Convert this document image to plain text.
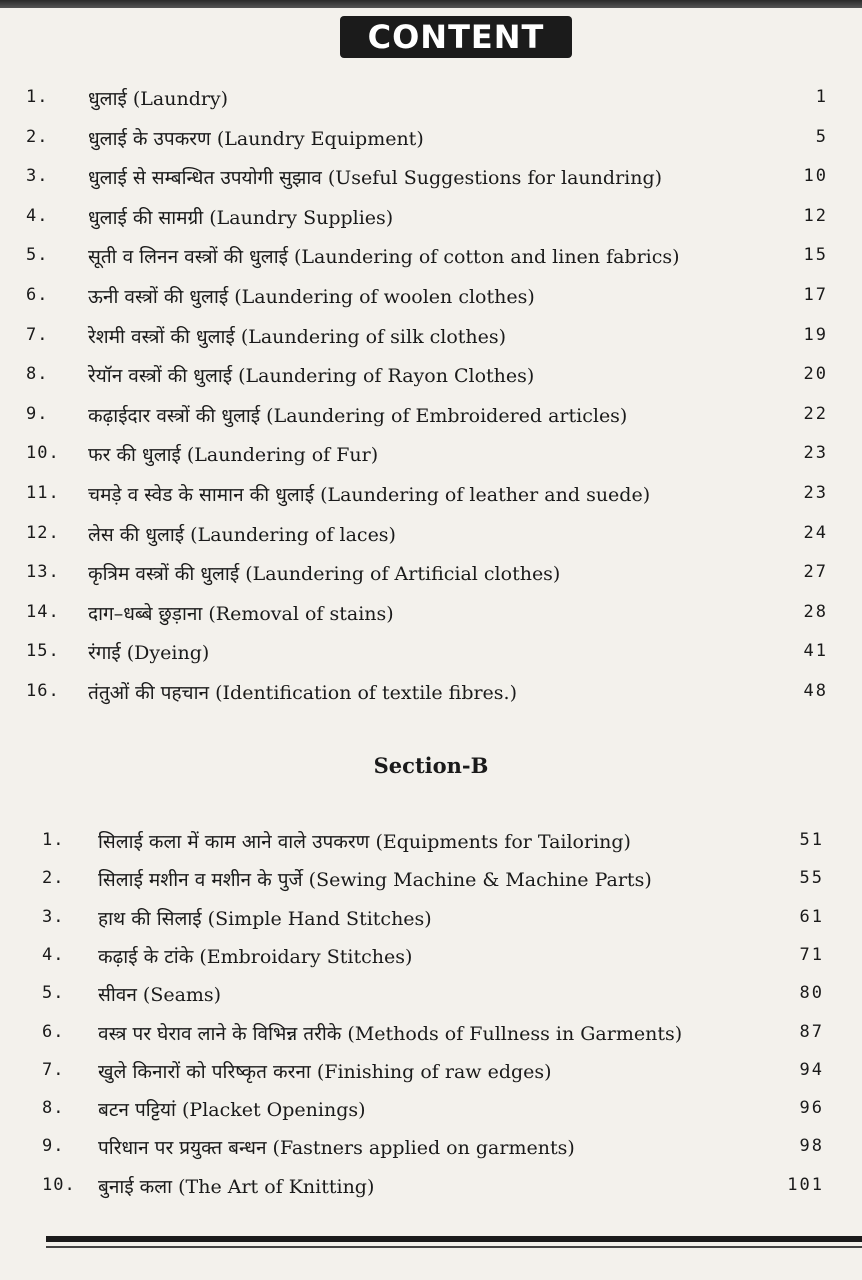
CONTENT
1. धुलाई (Laundry)	1
2. धुलाई के उपकरण (Laundry Equipment)	5
3. धुलाई से सम्बन्धित उपयोगी सुझाव (Useful Suggestions for laundring)	10
4. धुलाई की सामग्री (Laundry Supplies)	12
5. सूती व लिनन वस्त्रों की धुलाई (Laundering of cotton and linen fabrics)	15
6. ऊनी वस्त्रों की धुलाई (Laundering of woolen clothes)	17
7. रेशमी वस्त्रों की धुलाई (Laundering of silk clothes)	19
8. रेयॉन वस्त्रों की धुलाई (Laundering of Rayon Clothes)	20
9. कढ़ाईदार वस्त्रों की धुलाई (Laundering of Embroidered articles)	22
10. फर की धुलाई (Laundering of Fur)	23
11. चमड़े व स्वेड के सामान की धुलाई (Laundering of leather and suede)	23
12. लेस की धुलाई (Laundering of laces)	24
13. कृत्रिम वस्त्रों की धुलाई (Laundering of Artificial clothes)	27
14. दाग–धब्बे छुड़ाना (Removal of stains)	28
15. रंगाई (Dyeing)	41
16. तंतुओं की पहचान (Identification of textile fibres.)	48
Section-B
1. सिलाई कला में काम आने वाले उपकरण (Equipments for Tailoring)	51
2. सिलाई मशीन व मशीन के पुर्जे (Sewing Machine & Machine Parts)	55
3. हाथ की सिलाई (Simple Hand Stitches)	61
4. कढ़ाई के टांके (Embroidary Stitches)	71
5. सीवन (Seams)	80
6. वस्त्र पर घेराव लाने के विभिन्न तरीके (Methods of Fullness in Garments)	87
7. खुले किनारों को परिष्कृत करना (Finishing of raw edges)	94
8. बटन पट्टियां (Placket Openings)	96
9. परिधान पर प्रयुक्त बन्धन (Fastners applied on garments)	98
10. बुनाई कला (The Art of Knitting)	101
